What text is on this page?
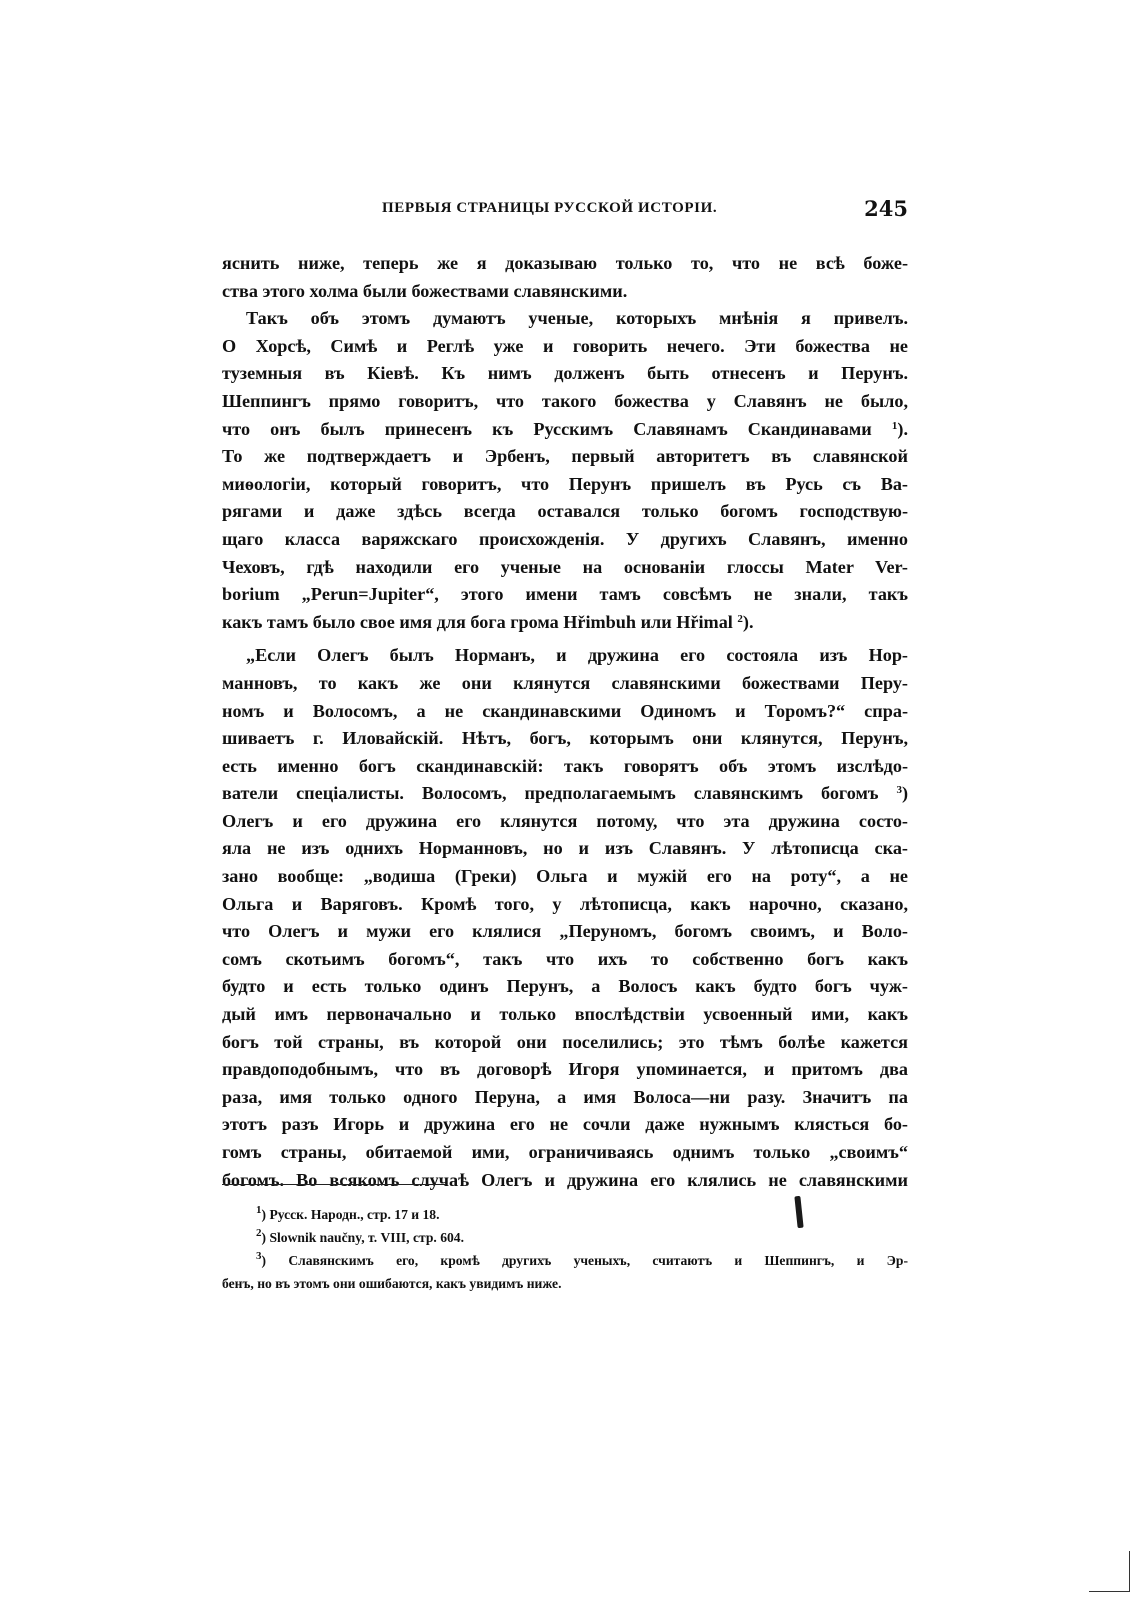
ПЕРВЫЯ СТРАНИЦЫ РУССКОЙ ИСТОРІИ.	245
яснить ниже, теперь же я доказываю только то, что не всѣ боже-
ства этого холма были божествами славянскими.
Такъ объ этомъ думаютъ ученые, которыхъ мнѣнія я привелъ.
О Хорсѣ, Симѣ и Реглѣ уже и говорить нечего. Эти божества не
туземныя въ Кіевѣ. Къ нимъ долженъ быть отнесенъ и Перунъ.
Шеппингъ прямо говоритъ, что такого божества у Славянъ не было,
что онъ былъ принесенъ къ Русскимъ Славянамъ Скандинавами $^1$).
То же подтверждаетъ и Эрбенъ, первый авторитетъ въ славянской
миѳологіи, который говоритъ, что Перунъ пришелъ въ Русь съ Ва-
рягами и даже здѣсь всегда оставался только богомъ господствую-
щаго класса варяжскаго происхожденія. У другихъ Славянъ, именно
Чеховъ, гдѣ находили его ученые на основаніи глоссы Mater Ver-
borium „Perun=Jupiter“, этого имени тамъ совсѣмъ не знали, такъ
какъ тамъ было свое имя для бога грома Hřimbuh или Hřimal $^2$).
„Если Олегъ былъ Норманъ, и дружина его состояла изъ Нор-
манновъ, то какъ же они клянутся славянскими божествами Перу-
номъ и Волосомъ, а не скандинавскими Одиномъ и Торомъ?“ спра-
шиваетъ г. Иловайскій. Нѣтъ, богъ, которымъ они клянутся, Перунъ,
есть именно богъ скандинавскій: такъ говорятъ объ этомъ изслѣдо-
ватели спеціалисты. Волосомъ, предполагаемымъ славянскимъ богомъ $^3$)
Олегъ и его дружина его клянутся потому, что эта дружина состо-
яла не изъ однихъ Норманновъ, но и изъ Славянъ. У лѣтописца ска-
зано вообще: „водиша (Греки) Ольга и мужій его на роту“, а не
Ольга и Варяговъ. Кромѣ того, у лѣтописца, какъ нарочно, сказано,
что Олегъ и мужи его клялися „Перуномъ, богомъ своимъ, и Воло-
сомъ скотьимъ богомъ“, такъ что ихъ то собственно богъ какъ
будто и есть только одинъ Перунъ, а Волосъ какъ будто богъ чуж-
дый имъ первоначально и только впослѣдствіи усвоенный ими, какъ
богъ той страны, въ которой они поселились; это тѣмъ болѣе кажется
правдоподобнымъ, что въ договорѣ Игоря упоминается, и притомъ два
раза, имя только одного Перуна, а имя Волоса—ни разу. Значитъ па
этотъ разъ Игорь и дружина его не сочли даже нужнымъ клясться бо-
гомъ страны, обитаемой ими, ограничиваясь однимъ только „своимъ“
богомъ. Во всякомъ случаѣ Олегъ и дружина его клялись не славянскими
$^1$) Русск. Народн., стр. 17 и 18.
$^2$) Slownik naučny, т. VIII, стр. 604.
$^3$) Славянскимъ его, кромѣ другихъ ученыхъ, считаютъ и Шеппингъ, и Эр-
бенъ, но въ этомъ они ошибаются, какъ увидимъ ниже.
